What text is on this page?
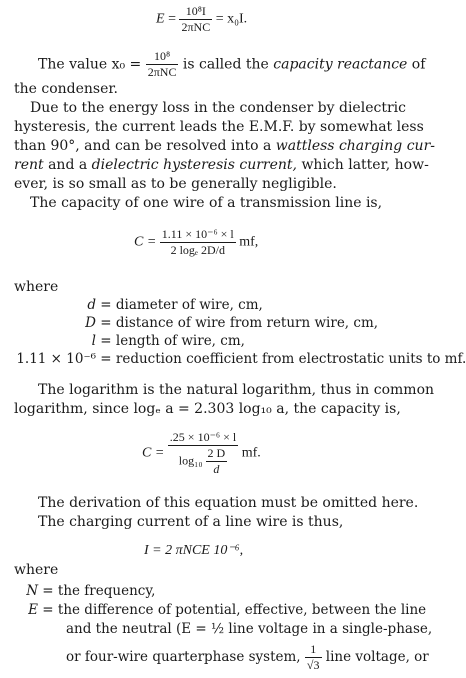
$E = \frac{\text{10⁸I}}{\text{2πNC}} = x_0I$.
The value $x_0 = \frac{\text{10⁸}}{\text{2πNC}}$ is called the capacity reactance of
the condenser.
Due to the energy loss in the condenser by dielectric
hysteresis, the current leads the E.M.F. by somewhat less
than 90°, and can be resolved into a wattless charging cur-
rent and a dielectric hysteresis current, which latter, how-
ever, is so small as to be generally negligible.
The capacity of one wire of a transmission line is,
$C = \frac{\text{1.11 × 10⁻⁶ × l}}{\text{2 logₑ 2D/d}}$ mf,
where
d = diameter of wire, cm,
D = distance of wire from return wire, cm,
l = length of wire, cm,
1.11 × 10⁻⁶ = reduction coefficient from electrostatic units to mf.
The logarithm is the natural logarithm, thus in common
logarithm, since logₑ a = 2.303 log₁₀ a, the capacity is,
$C = \frac{\text{.25 × 10⁻⁶ × l}}{\log_{10} \frac{2 D}{d}}$ mf.
The derivation of this equation must be omitted here.
The charging current of a line wire is thus,
I = 2 πNCE 10⁻⁶,
where
N = the frequency,
E = the difference of potential, effective, between the line
and the neutral (E = ½ line voltage in a single-phase,
or four-wire quarterphase system, $\frac{1}{√3}$ line voltage, or
